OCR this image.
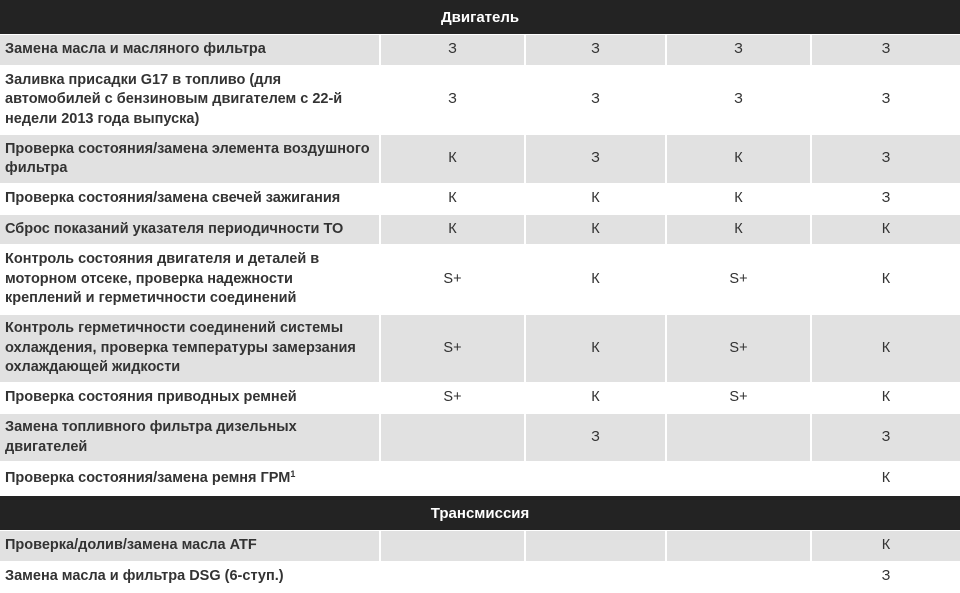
Двигатель				
Замена масла и масляного фильтра	З	З	З	З
Заливка присадки G17 в топливо (для автомобилей с бензиновым двигателем с 22-й недели 2013 года выпуска)	З	З	З	З
Проверка состояния/замена элемента воздушного фильтра	К	З	К	З
Проверка состояния/замена свечей зажигания	К	К	К	З
Сброс показаний указателя периодичности ТО	К	К	К	К
Контроль состояния двигателя и деталей в моторном отсеке, проверка надежности креплений и герметичности соединений	S+	К	S+	К
Контроль герметичности соединений системы охлаждения, проверка температуры замерзания охлаждающей жидкости	S+	К	S+	К
Проверка состояния приводных ремней	S+	К	S+	К
Замена топливного фильтра дизельных двигателей		З		З
Проверка состояния/замена ремня ГРМ$^1$				К
Трансмиссия				
Проверка/долив/замена масла ATF				К
Замена масла и фильтра DSG (6-ступ.)				З
